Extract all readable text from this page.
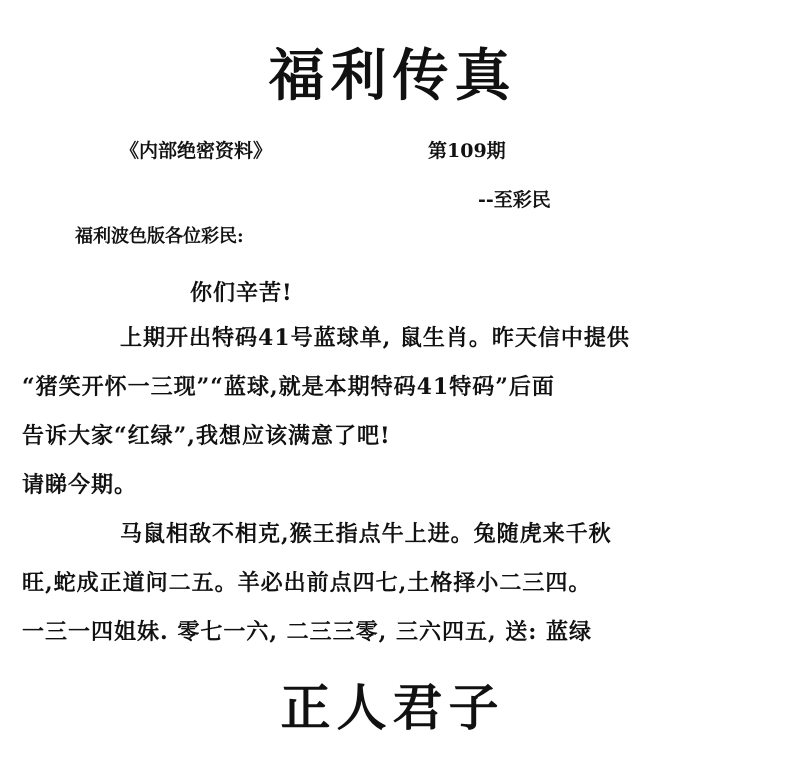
福利传真
《内部绝密资料》	第109期
--至彩民
福利波色版各位彩民:
你们辛苦!
上期开出特码41号蓝球单, 鼠生肖。昨天信中提供
“猪笑开怀一三现”“蓝球,就是本期特码41特码”后面
告诉大家“红绿”,我想应该满意了吧!
请睇今期。
马鼠相敌不相克,猴王指点牛上进。兔随虎来千秋
旺,蛇成正道问二五。羊必出前点四七,土格择小二三四。
一三一四姐妹. 零七一六, 二三三零, 三六四五, 送: 蓝绿
正人君子
